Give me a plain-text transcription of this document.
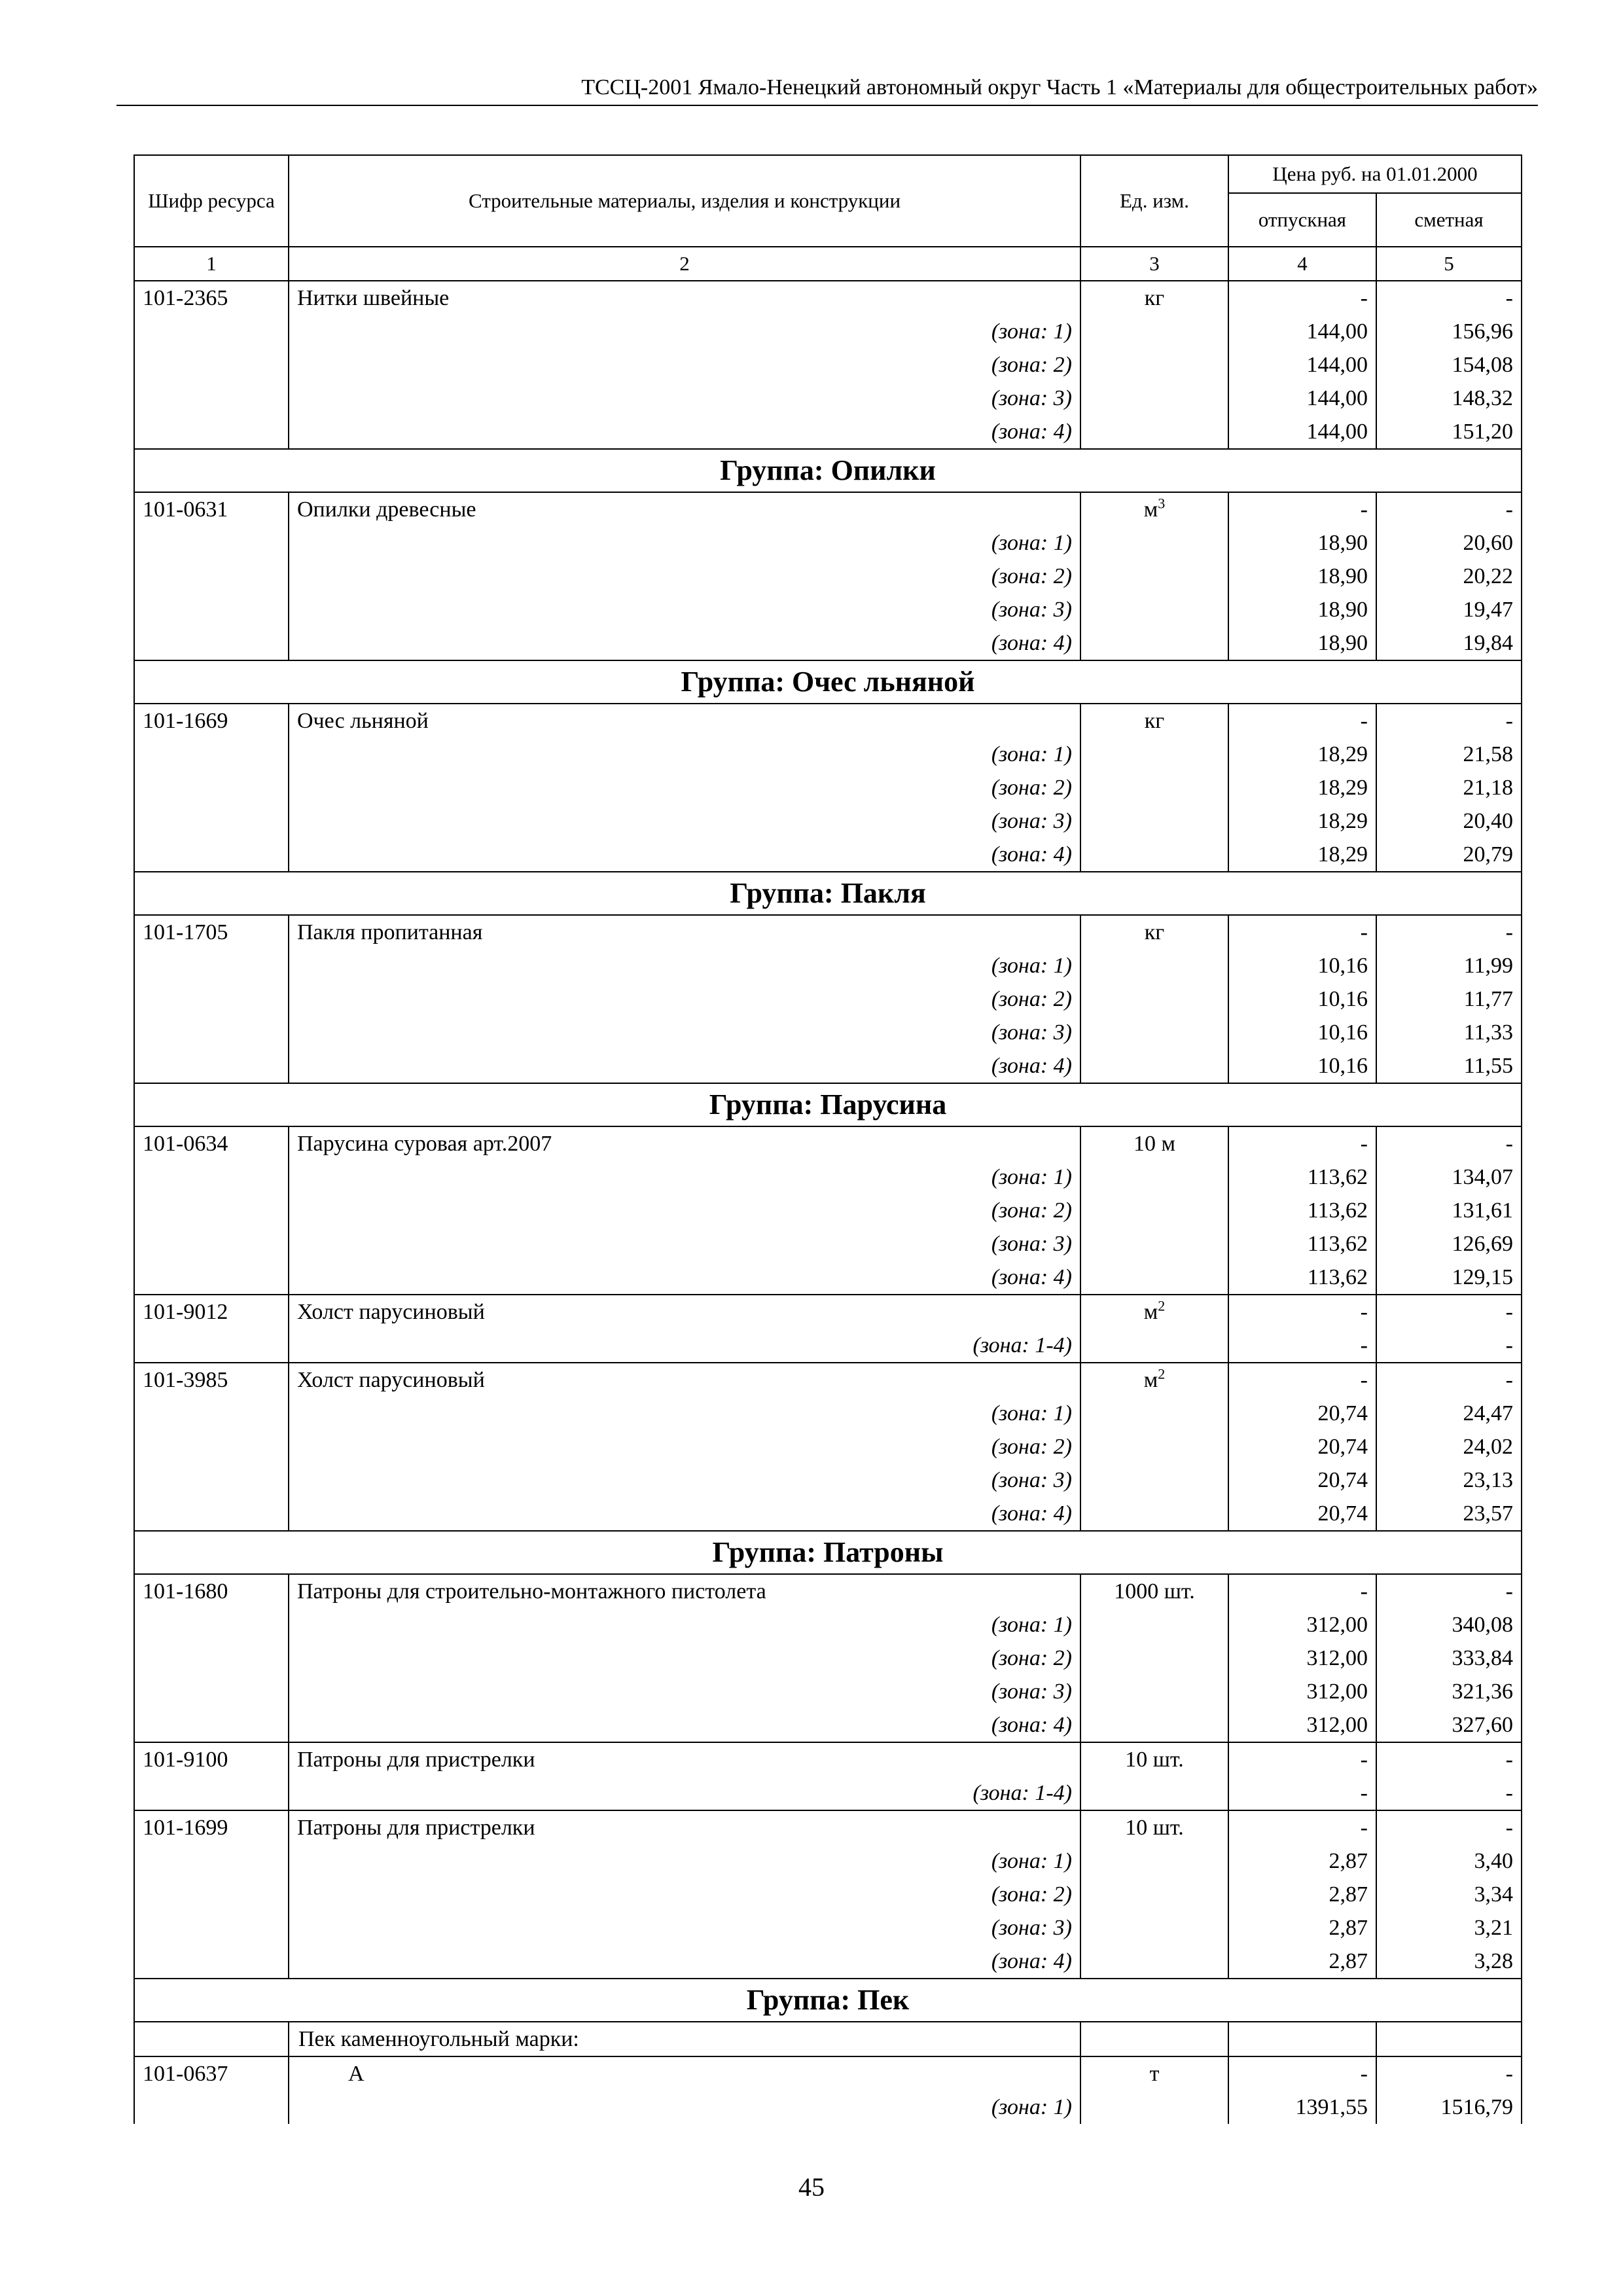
ТССЦ-2001 Ямало-Ненецкий автономный округ Часть 1 «Материалы для общестроительных работ»
Шифр ресурса	Строительные материалы, изделия и конструкции	Ед. изм.	Цена руб. на 01.01.2000	
			отпускная	сметная
1	2	3	4	5
101-2365	Нитки швейные	кг	-	-
	(зона: 1)		144,00	156,96
	(зона: 2)		144,00	154,08
	(зона: 3)		144,00	148,32
	(зона: 4)		144,00	151,20
Группа: Опилки				
101-0631	Опилки древесные	$м^3$	-	-
	(зона: 1)		18,90	20,60
	(зона: 2)		18,90	20,22
	(зона: 3)		18,90	19,47
	(зона: 4)		18,90	19,84
Группа: Очес льняной				
101-1669	Очес льняной	кг	-	-
	(зона: 1)		18,29	21,58
	(зона: 2)		18,29	21,18
	(зона: 3)		18,29	20,40
	(зона: 4)		18,29	20,79
Группа: Пакля				
101-1705	Пакля пропитанная	кг	-	-
	(зона: 1)		10,16	11,99
	(зона: 2)		10,16	11,77
	(зона: 3)		10,16	11,33
	(зона: 4)		10,16	11,55
Группа: Парусина				
101-0634	Парусина суровая арт.2007	10 м	-	-
	(зона: 1)		113,62	134,07
	(зона: 2)		113,62	131,61
	(зона: 3)		113,62	126,69
	(зона: 4)		113,62	129,15
101-9012	Холст парусиновый	$м^2$	-	-
	(зона: 1-4)		-	-
101-3985	Холст парусиновый	$м^2$	-	-
	(зона: 1)		20,74	24,47
	(зона: 2)		20,74	24,02
	(зона: 3)		20,74	23,13
	(зона: 4)		20,74	23,57
Группа: Патроны				
101-1680	Патроны для строительно-монтажного пистолета	1000 шт.	-	-
	(зона: 1)		312,00	340,08
	(зона: 2)		312,00	333,84
	(зона: 3)		312,00	321,36
	(зона: 4)		312,00	327,60
101-9100	Патроны для пристрелки	10 шт.	-	-
	(зона: 1-4)		-	-
101-1699	Патроны для пристрелки	10 шт.	-	-
	(зона: 1)		2,87	3,40
	(зона: 2)		2,87	3,34
	(зона: 3)		2,87	3,21
	(зона: 4)		2,87	3,28
Группа: Пек				
	Пек каменноугольный марки:			
101-0637	А	т	-	-
	(зона: 1)		1391,55	1516,79
45
